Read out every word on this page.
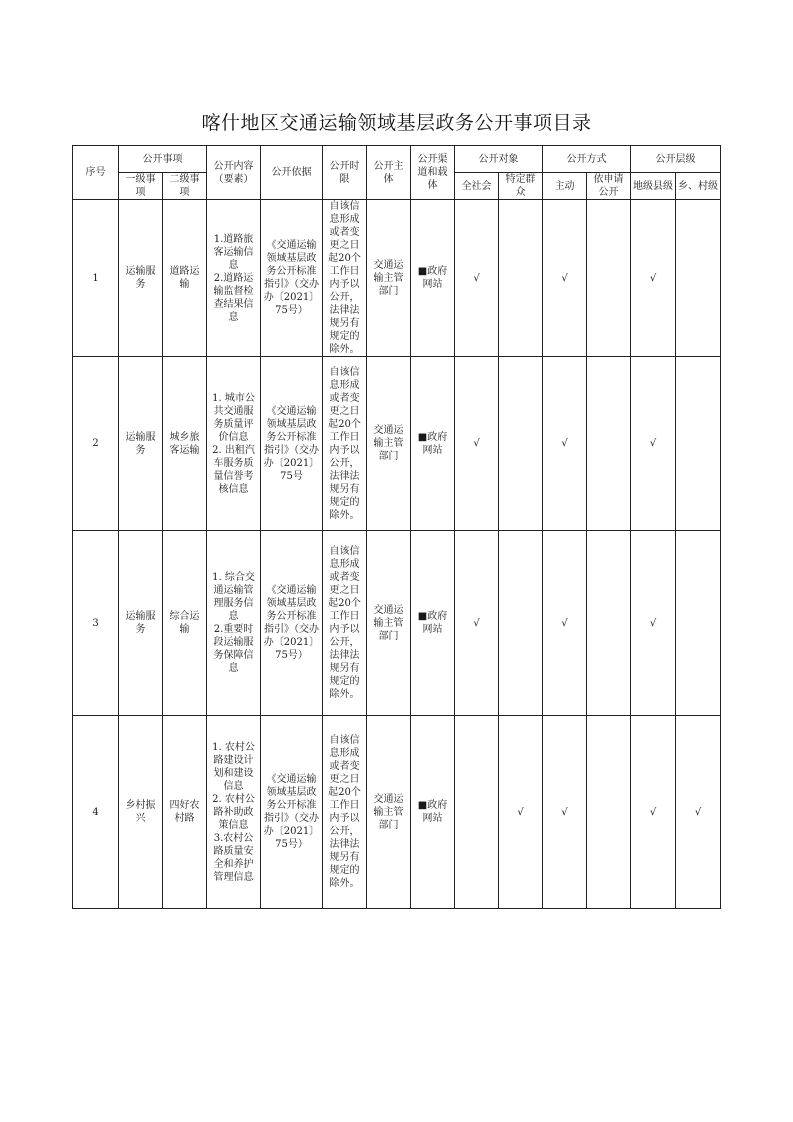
喀什地区交通运输领域基层政务公开事项目录
序号	公开事项		公开内容（要素）	公开依据	公开时限	公开主体	公开渠道和载体	公开对象		公开方式		公开层级	
	一级事项	二级事项						全社会	特定群众	主动	依申请公开	地级县级	乡、村级
1	运输服务	道路运输	1.道路旅客运输信息
2.道路运输监督检查结果信息	《交通运输领域基层政务公开标准指引》（交办办〔2021〕75号）	自该信息形成或者变更之日起20个工作日内予以公开，法律法规另有规定的除外。	交通运输主管部门	■政府网站	√		√		√	
2	运输服务	城乡旅客运输	1. 城市公共交通服务质量评价信息
2. 出租汽车服务质量信誉考核信息	《交通运输领域基层政务公开标准指引》（交办办〔2021〕75号	自该信息形成或者变更之日起20个工作日内予以公开，法律法规另有规定的除外。	交通运输主管部门	■政府网站	√		√		√	
3	运输服务	综合运输	1. 综合交通运输管理服务信息
2.重要时段运输服务保障信息	《交通运输领域基层政务公开标准指引》（交办办〔2021〕75号）	自该信息形成或者变更之日起20个工作日内予以公开，法律法规另有规定的除外。	交通运输主管部门	■政府网站	√		√		√	
4	乡村振兴	四好农村路	1. 农村公路建设计划和建设信息
2. 农村公路补助政策信息
3.农村公路质量安全和养护管理信息	《交通运输领域基层政务公开标准指引》（交办办〔2021〕75号）	自该信息形成或者变更之日起20个工作日内予以公开，法律法规另有规定的除外。	交通运输主管部门	■政府网站		√	√		√	√
